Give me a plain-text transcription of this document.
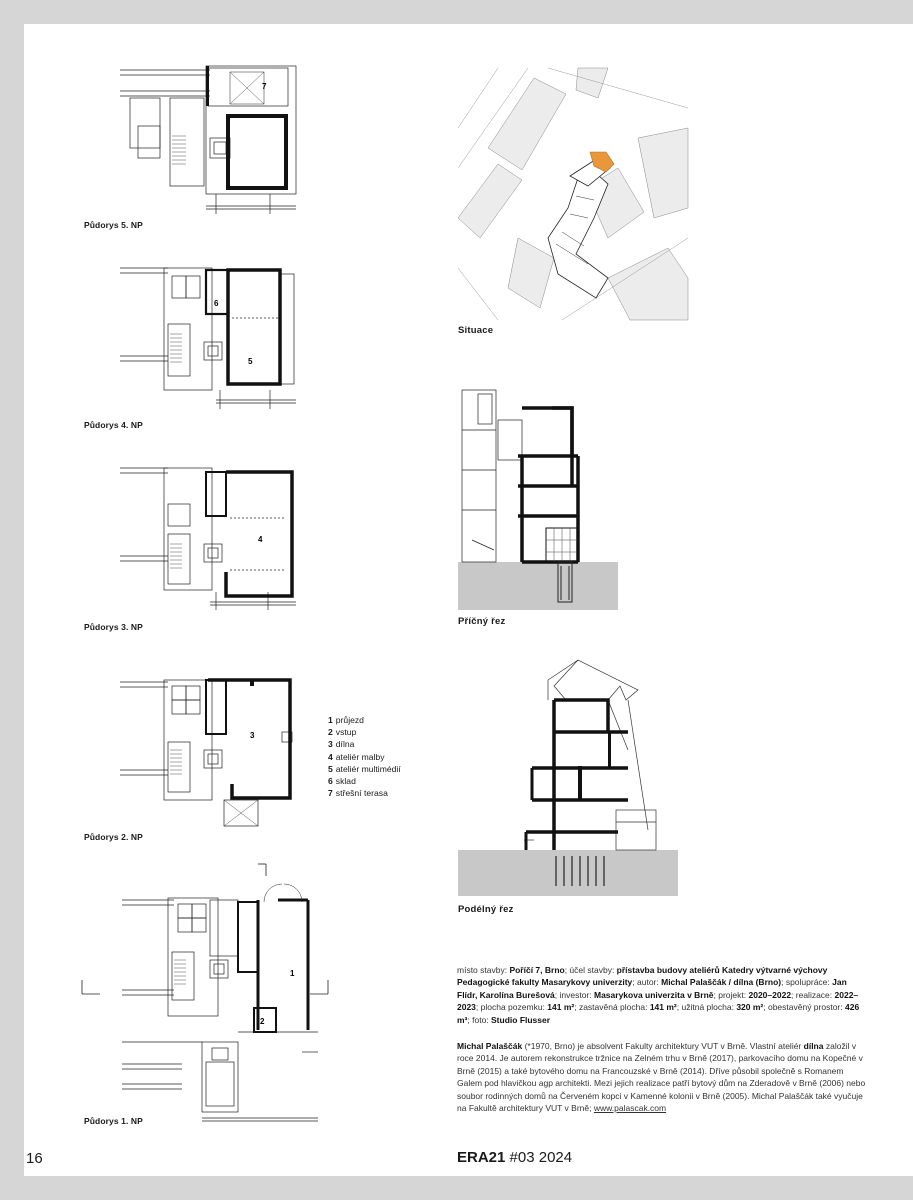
7
Půdorys 5. NP
6
5
Půdorys 4. NP
4
Půdorys 3. NP
3
Půdorys 2. NP
1 průjezd
2 vstup
3 dílna
4 ateliér malby
5 ateliér multimédií
6 sklad
7 střešní terasa
1
2
Půdorys 1. NP
Situace
Příčný řez
Podélný řez
místo stavby: Poříčí 7, Brno; účel stavby: přístavba budovy ateliérů Katedry výtvarné výchovy Pedagogické fakulty Masarykovy univerzity; autor: Michal Palaščák / dílna (Brno); spolupráce: Jan Flídr, Karolína Burešová; investor: Masarykova univerzita v Brně; projekt: 2020–2022; realizace: 2022–2023; plocha pozemku: 141 m²; zastavěná plocha: 141 m²; užitná plocha: 320 m²; obestavěný prostor: 426 m³; foto: Studio Flusser
Michal Palaščák (*1970, Brno) je absolvent Fakulty architektury VUT v Brně. Vlastní ateliér dílna založil v roce 2014. Je autorem rekonstrukce tržnice na Zelném trhu v Brně (2017), parkovacího domu na Kopečné v Brně (2015) a také bytového domu na Francouzské v Brně (2014). Dříve působil společně s Romanem Galem pod hlavičkou agp architekti. Mezi jejich realizace patří bytový dům na Zderadově v Brně (2006) nebo soubor rodinných domů na Červeném kopci v Kamenné kolonii v Brně (2005). Michal Palaščák také vyučuje na Fakultě architektury VUT v Brně; www.palascak.com
16	ERA21 #03 2024
